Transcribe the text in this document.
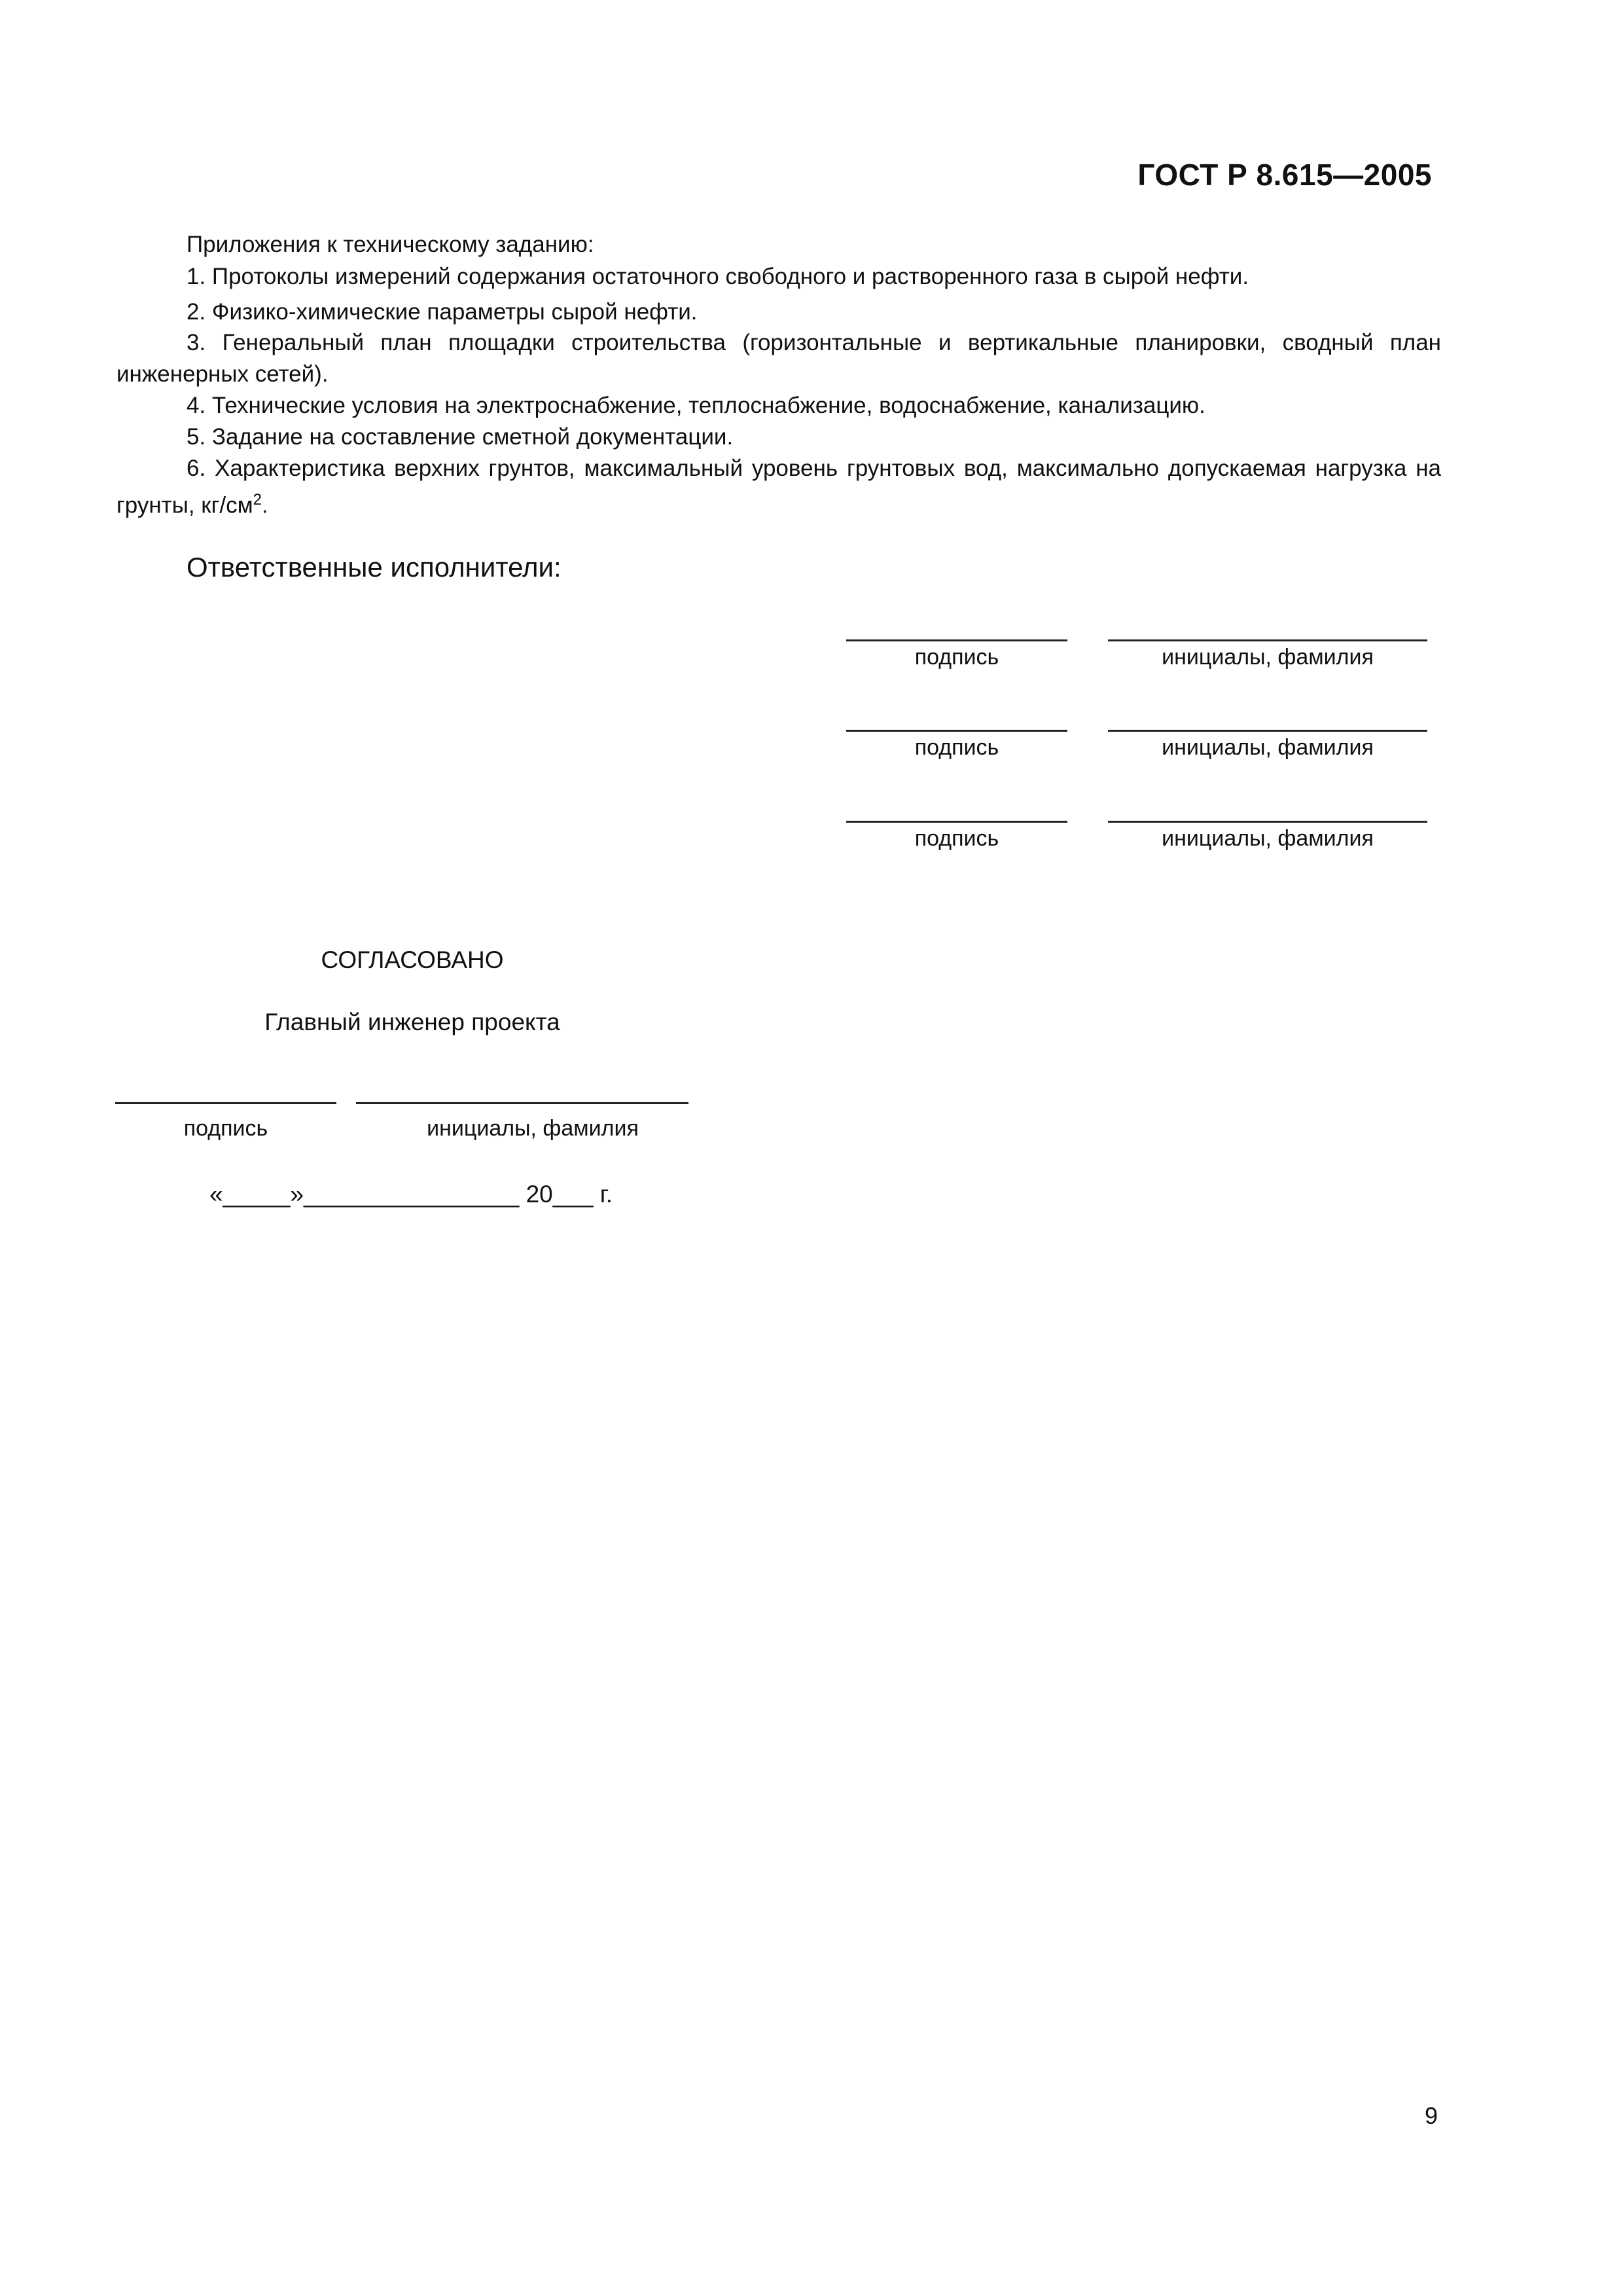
ГОСТ Р 8.615—2005
Приложения к техническому заданию:
1. Протоколы измерений содержания остаточного свободного и растворенного газа в сырой нефти.
2. Физико-химические параметры сырой нефти.
3. Генеральный план площадки строительства (горизонтальные и вертикальные планировки, сводный план инженерных сетей).
4. Технические условия на электроснабжение, теплоснабжение, водоснабжение, канализацию.
5. Задание на составление сметной документации.
6. Характеристика верхних грунтов, максимальный уровень грунтовых вод, максимально допускаемая нагрузка на грунты, $кг/см^2$.
Ответственные исполнители:
подпись	инициалы, фамилия
подпись	инициалы, фамилия
подпись	инициалы, фамилия
СОГЛАСОВАНО
Главный инженер проекта
подпись	инициалы, фамилия
«_____»________________ 20___ г.
9
